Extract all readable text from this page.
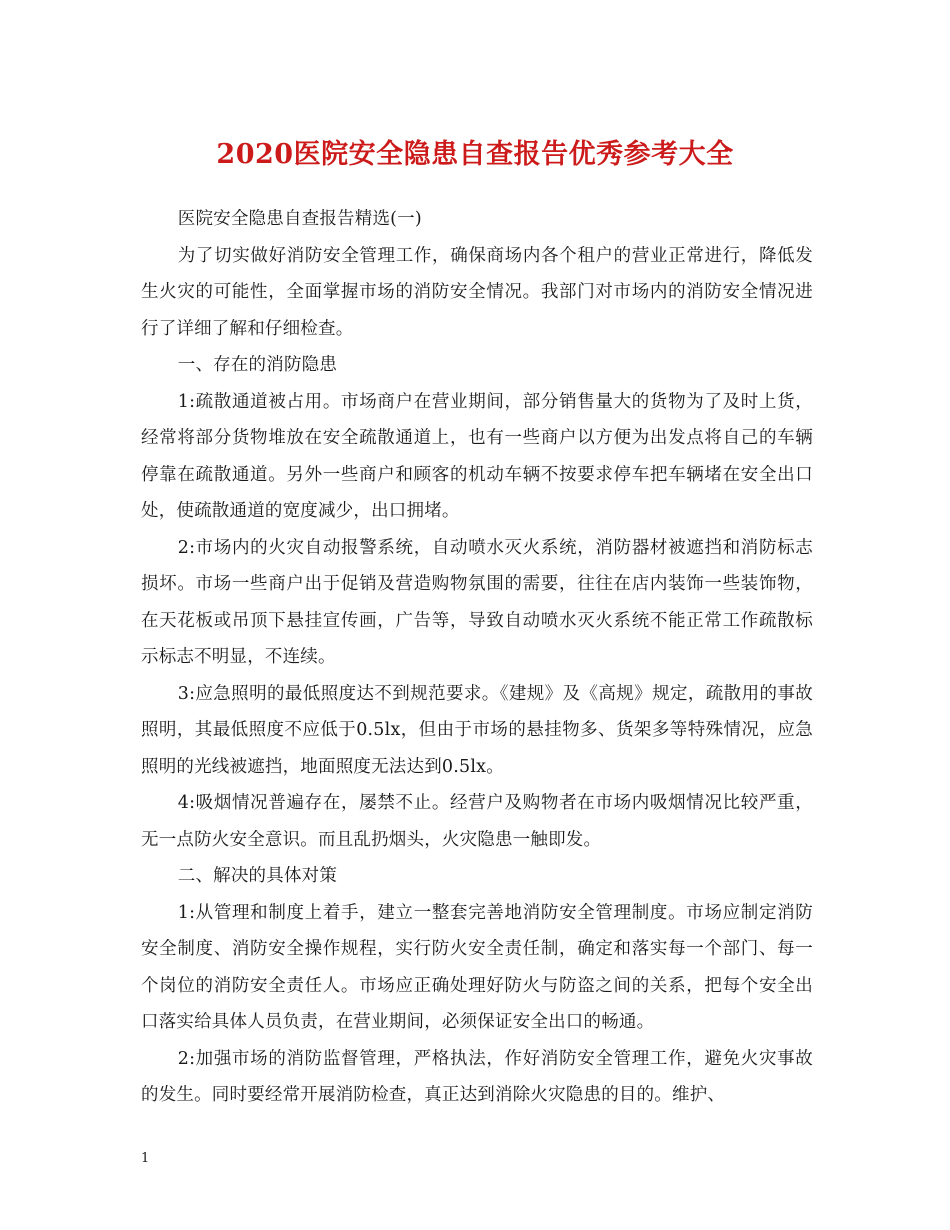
2020医院安全隐患自查报告优秀参考大全

医院安全隐患自查报告精选(一)

为了切实做好消防安全管理工作，确保商场内各个租户的营业正常进行，降低发生火灾的可能性，全面掌握市场的消防安全情况。我部门对市场内的消防安全情况进行了详细了解和仔细检查。

一、存在的消防隐患

1:疏散通道被占用。市场商户在营业期间，部分销售量大的货物为了及时上货，经常将部分货物堆放在安全疏散通道上，也有一些商户以方便为出发点将自己的车辆停靠在疏散通道。另外一些商户和顾客的机动车辆不按要求停车把车辆堵在安全出口处，使疏散通道的宽度减少，出口拥堵。

2:市场内的火灾自动报警系统，自动喷水灭火系统，消防器材被遮挡和消防标志损坏。市场一些商户出于促销及营造购物氛围的需要，往往在店内装饰一些装饰物，在天花板或吊顶下悬挂宣传画，广告等，导致自动喷水灭火系统不能正常工作疏散标示标志不明显，不连续。

3:应急照明的最低照度达不到规范要求。《建规》及《高规》规定，疏散用的事故照明，其最低照度不应低于0.5lx，但由于市场的悬挂物多、货架多等特殊情况，应急照明的光线被遮挡，地面照度无法达到0.5lx。

4:吸烟情况普遍存在，屡禁不止。经营户及购物者在市场内吸烟情况比较严重，无一点防火安全意识。而且乱扔烟头，火灾隐患一触即发。

二、解决的具体对策

1:从管理和制度上着手，建立一整套完善地消防安全管理制度。市场应制定消防安全制度、消防安全操作规程，实行防火安全责任制，确定和落实每一个部门、每一个岗位的消防安全责任人。市场应正确处理好防火与防盗之间的关系，把每个安全出口落实给具体人员负责，在营业期间，必须保证安全出口的畅通。

2:加强市场的消防监督管理，严格执法，作好消防安全管理工作，避免火灾事故的发生。同时要经常开展消防检查，真正达到消除火灾隐患的目的。维护、

1
